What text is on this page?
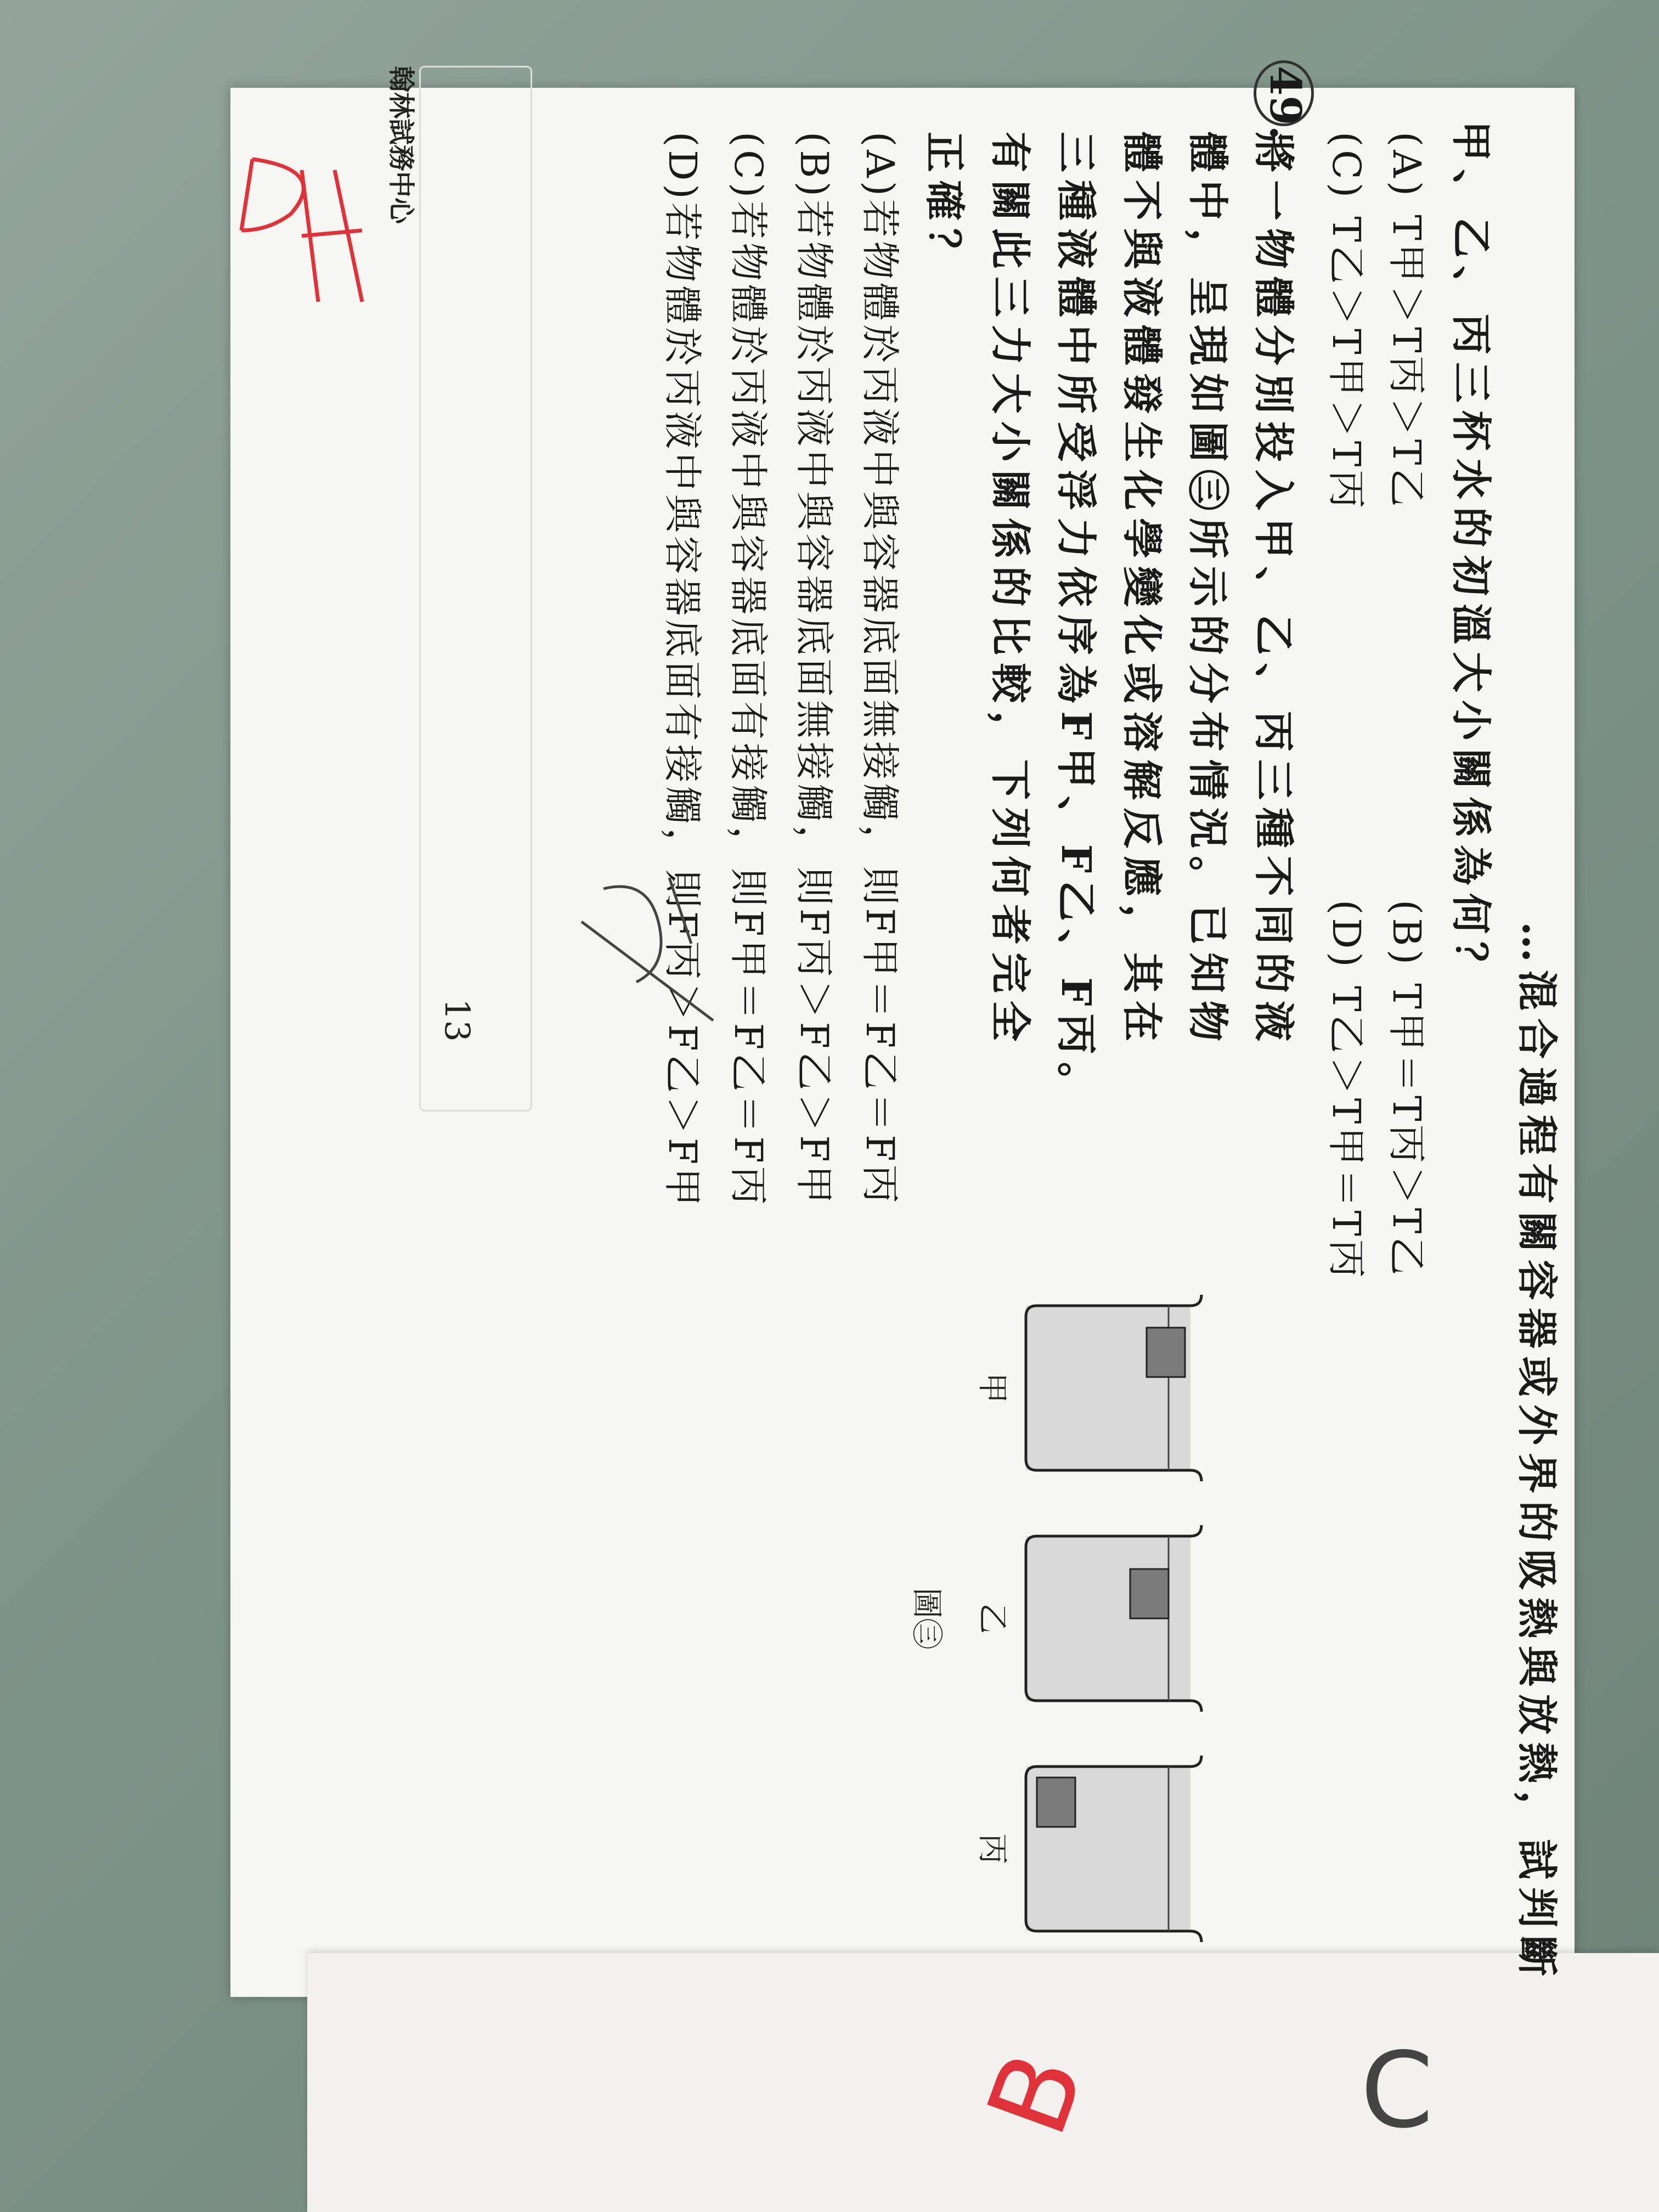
…混合過程有關容器或外界的吸熱與放熱，試判斷
甲、乙、丙三杯水的初溫大小關係為何？
(A) T甲＞T丙＞T乙
(B) T甲＝T丙＞T乙
(C) T乙＞T甲＞T丙
(D) T乙＞T甲＝T丙
49.
將一物體分別投入甲、乙、丙三種不同的液
體中，呈現如圖㊂所示的分布情況。已知物
體不與液體發生化學變化或溶解反應，其在
三種液體中所受浮力依序為F甲、F乙、F丙。
有關此三力大小關係的比較，下列何者完全
正確？
(A)若物體於丙液中與容器底面無接觸，則F甲＝F乙＝F丙
(B)若物體於丙液中與容器底面無接觸，則F丙＞F乙＞F甲
(C)若物體於丙液中與容器底面有接觸，則F甲＝F乙＝F丙
(D)若物體於丙液中與容器底面有接觸，則F丙＞F乙＞F甲
甲
乙
丙
圖㊂
13
翰林試務中心
B C
